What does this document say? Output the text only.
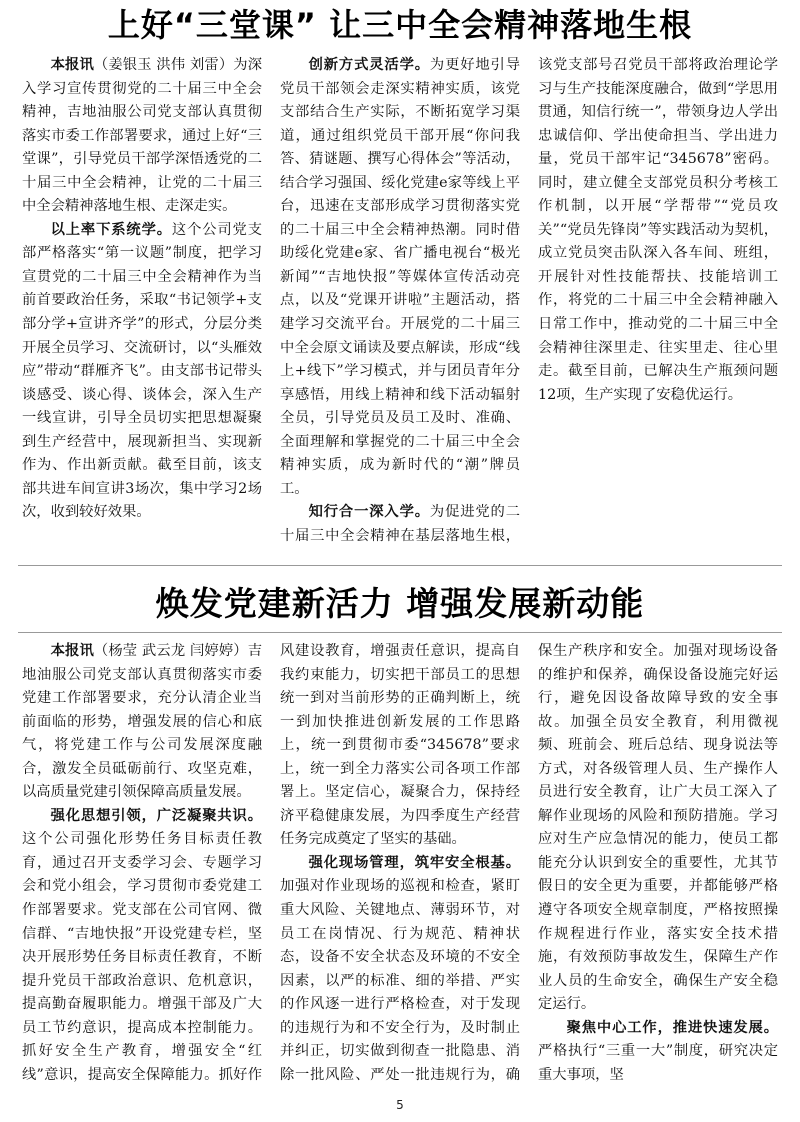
上好“三堂课” 让三中全会精神落地生根

本报讯（姜银玉 洪伟 刘雷）为深入学习宣传贯彻党的二十届三中全会精神，吉地油服公司党支部认真贯彻落实市委工作部署要求，通过上好“三堂课”，引导党员干部学深悟透党的二十届三中全会精神，让党的二十届三中全会精神落地生根、走深走实。

以上率下系统学。这个公司党支部严格落实“第一议题”制度，把学习宣贯党的二十届三中全会精神作为当前首要政治任务，采取“书记领学+支部分学+宣讲齐学”的形式，分层分类开展全员学习、交流研讨，以“头雁效应”带动“群雁齐飞”。由支部书记带头谈感受、谈心得、谈体会，深入生产一线宣讲，引导全员切实把思想凝聚到生产经营中，展现新担当、实现新作为、作出新贡献。截至目前，该支部共进车间宣讲3场次，集中学习2场次，收到较好效果。

创新方式灵活学。为更好地引导党员干部领会走深实精神实质，该党支部结合生产实际，不断拓宽学习渠道，通过组织党员干部开展“你问我答、猜谜题、撰写心得体会”等活动，结合学习强国、绥化党建e家等线上平台，迅速在支部形成学习贯彻落实党的二十届三中全会精神热潮。同时借助绥化党建e家、省广播电视台“极光新闻”“吉地快报”等媒体宣传活动亮点，以及“党课开讲啦”主题活动，搭建学习交流平台。开展党的二十届三中全会原文诵读及要点解读，形成“线上+线下”学习模式，并与团员青年分享感悟，用线上精神和线下活动辐射全员，引导党员及员工及时、准确、全面理解和掌握党的二十届三中全会精神实质，成为新时代的“潮”牌员工。

知行合一深入学。为促进党的二十届三中全会精神在基层落地生根，该党支部号召党员干部将政治理论学习与生产技能深度融合，做到“学思用贯通，知信行统一”，带领身边人学出忠诚信仰、学出使命担当、学出进力量，党员干部牢记“345678”密码。同时，建立健全支部党员积分考核工作机制，以开展“学帮带”“党员攻关”“党员先锋岗”等实践活动为契机，成立党员突击队深入各车间、班组，开展针对性技能帮扶、技能培训工作，将党的二十届三中全会精神融入日常工作中，推动党的二十届三中全会精神往深里走、往实里走、往心里走。截至目前，已解决生产瓶颈问题12项，生产实现了安稳优运行。

焕发党建新活力 增强发展新动能

本报讯（杨莹 武云龙 闫婷婷）吉地油服公司党支部认真贯彻落实市委党建工作部署要求，充分认清企业当前面临的形势，增强发展的信心和底气，将党建工作与公司发展深度融合，激发全员砥砺前行、攻坚克难，以高质量党建引领保障高质量发展。

强化思想引领，广泛凝聚共识。这个公司强化形势任务目标责任教育，通过召开支委学习会、专题学习会和党小组会，学习贯彻市委党建工作部署要求。党支部在公司官网、微信群、“吉地快报”开设党建专栏，坚决开展形势任务目标责任教育，不断提升党员干部政治意识、危机意识，提高勤奋履职能力。增强干部及广大员工节约意识，提高成本控制能力。抓好安全生产教育，增强安全“红线”意识，提高安全保障能力。抓好作风建设教育，增强责任意识，提高自我约束能力，切实把干部员工的思想统一到对当前形势的正确判断上，统一到加快推进创新发展的工作思路上，统一到贯彻市委“345678”要求上，统一到全力落实公司各项工作部署上。坚定信心，凝聚合力，保持经济平稳健康发展，为四季度生产经营任务完成奠定了坚实的基础。

强化现场管理，筑牢安全根基。加强对作业现场的巡视和检查，紧盯重大风险、关键地点、薄弱环节，对员工在岗情况、行为规范、精神状态，设备不安全状态及环境的不安全因素，以严的标准、细的举措、严实的作风逐一进行严格检查，对于发现的违规行为和不安全行为，及时制止并纠正，切实做到彻查一批隐患、消除一批风险、严处一批违规行为，确保生产秩序和安全。加强对现场设备的维护和保养，确保设备设施完好运行，避免因设备故障导致的安全事故。加强全员安全教育，利用微视频、班前会、班后总结、现身说法等方式，对各级管理人员、生产操作人员进行安全教育，让广大员工深入了解作业现场的风险和预防措施。学习应对生产应急情况的能力，使员工都能充分认识到安全的重要性，尤其节假日的安全更为重要，并都能够严格遵守各项安全规章制度，严格按照操作规程进行作业，落实安全技术措施，有效预防事故发生，保障生产作业人员的生命安全，确保生产安全稳定运行。

聚焦中心工作，推进快速发展。严格执行“三重一大”制度，研究决定重大事项，坚

5
